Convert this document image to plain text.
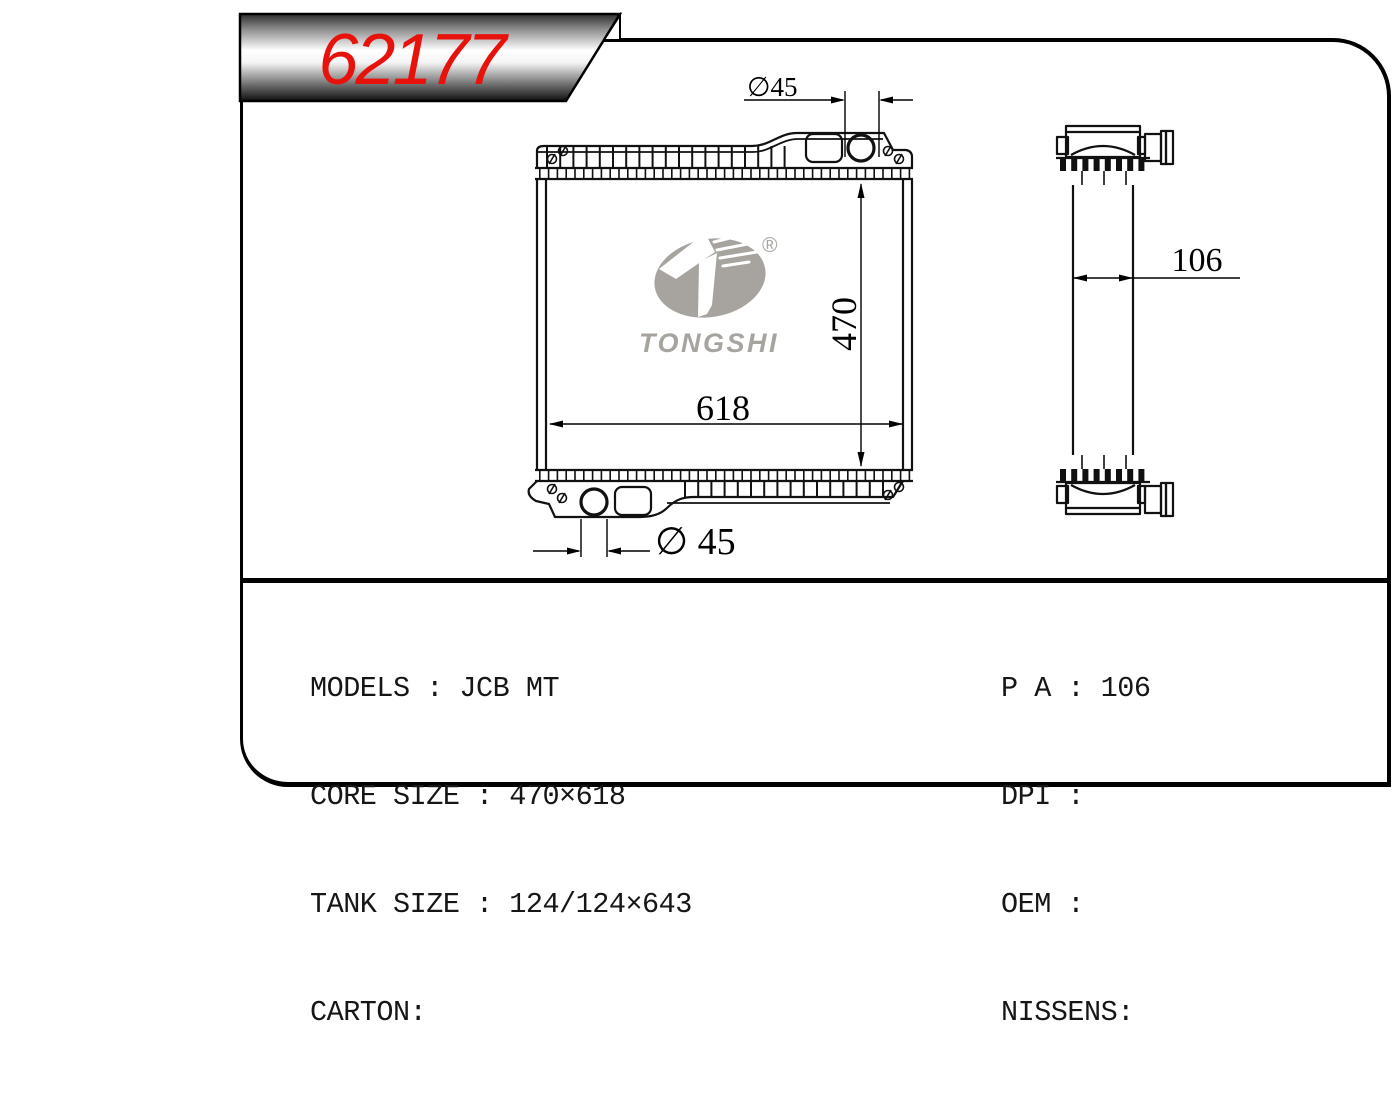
®
TONGSHI
∅45
470
618
∅ 45
106
62177

MODELS : JCB MT

CORE SIZE : 470×618

TANK SIZE : 124/124×643

CARTON:

P A : 106

DPI :

OEM :

NISSENS:
